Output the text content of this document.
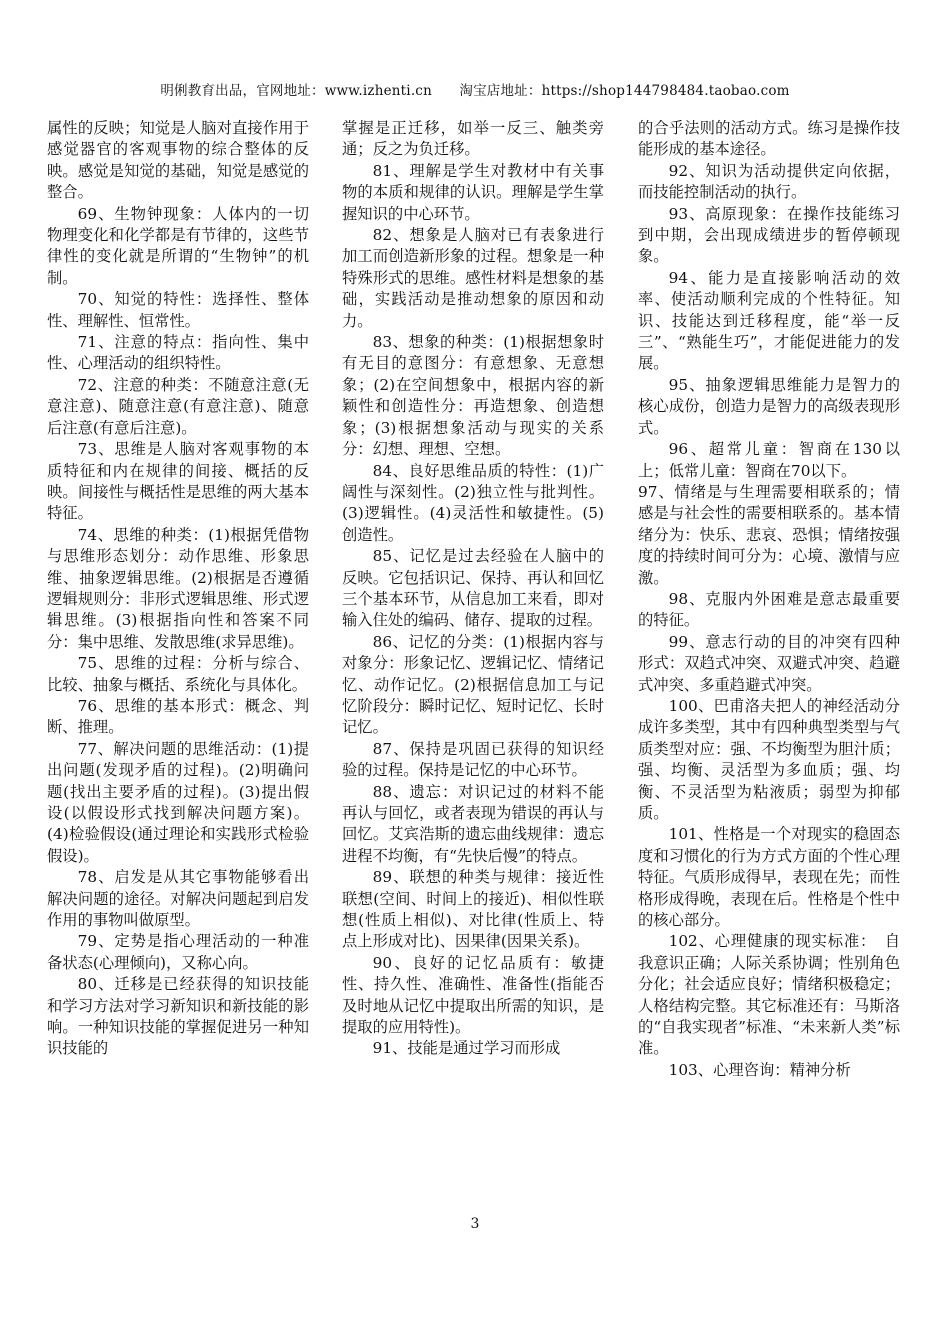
明俐教育出品，官网地址：www.izhenti.cn　　淘宝店地址：https://shop144798484.taobao.com

属性的反映；知觉是人脑对直接作用于感觉器官的客观事物的综合整体的反映。感觉是知觉的基础，知觉是感觉的整合。

69、生物钟现象：人体内的一切物理变化和化学都是有节律的，这些节律性的变化就是所谓的“生物钟”的机制。

70、知觉的特性：选择性、整体性、理解性、恒常性。

71、注意的特点：指向性、集中性、心理活动的组织特性。

72、注意的种类：不随意注意(无意注意)、随意注意(有意注意)、随意后注意(有意后注意)。

73、思维是人脑对客观事物的本质特征和内在规律的间接、概括的反映。间接性与概括性是思维的两大基本特征。

74、思维的种类：(1)根据凭借物与思维形态划分：动作思维、形象思维、抽象逻辑思维。(2)根据是否遵循逻辑规则分：非形式逻辑思维、形式逻辑思维。(3)根据指向性和答案不同分：集中思维、发散思维(求异思维)。

75、思维的过程：分析与综合、比较、抽象与概括、系统化与具体化。

76、思维的基本形式：概念、判断、推理。

77、解决问题的思维活动：(1)提出问题(发现矛盾的过程)。(2)明确问题(找出主要矛盾的过程)。(3)提出假设(以假设形式找到解决问题方案)。(4)检验假设(通过理论和实践形式检验假设)。

78、启发是从其它事物能够看出解决问题的途径。对解决问题起到启发作用的事物叫做原型。

79、定势是指心理活动的一种准备状态(心理倾向)，又称心向。

80、迁移是已经获得的知识技能和学习方法对学习新知识和新技能的影响。一种知识技能的掌握促进另一种知识技能的

掌握是正迁移，如举一反三、触类旁通；反之为负迁移。

81、理解是学生对教材中有关事物的本质和规律的认识。理解是学生掌握知识的中心环节。

82、想象是人脑对已有表象进行加工而创造新形象的过程。想象是一种特殊形式的思维。感性材料是想象的基础，实践活动是推动想象的原因和动力。

83、想象的种类：(1)根据想象时有无目的意图分：有意想象、无意想象；(2)在空间想象中，根据内容的新颖性和创造性分：再造想象、创造想象；(3)根据想象活动与现实的关系分：幻想、理想、空想。

84、良好思维品质的特性：(1)广阔性与深刻性。(2)独立性与批判性。(3)逻辑性。(4)灵活性和敏捷性。(5)创造性。

85、记忆是过去经验在人脑中的反映。它包括识记、保持、再认和回忆三个基本环节，从信息加工来看，即对输入住处的编码、储存、提取的过程。

86、记忆的分类：(1)根据内容与对象分：形象记忆、逻辑记忆、情绪记忆、动作记忆。(2)根据信息加工与记忆阶段分：瞬时记忆、短时记忆、长时记忆。

87、保持是巩固已获得的知识经验的过程。保持是记忆的中心环节。

88、遗忘：对识记过的材料不能再认与回忆，或者表现为错误的再认与回忆。艾宾浩斯的遗忘曲线规律：遗忘进程不均衡，有“先快后慢”的特点。

89、联想的种类与规律：接近性联想(空间、时间上的接近)、相似性联想(性质上相似)、对比律(性质上、特点上形成对比)、因果律(因果关系)。

90、良好的记忆品质有：敏捷性、持久性、准确性、准备性(指能否及时地从记忆中提取出所需的知识，是提取的应用特性)。

91、技能是通过学习而形成

的合乎法则的活动方式。练习是操作技能形成的基本途径。

92、知识为活动提供定向依据，而技能控制活动的执行。

93、高原现象：在操作技能练习到中期，会出现成绩进步的暂停顿现象。

94、能力是直接影响活动的效率、使活动顺利完成的个性特征。知识、技能达到迁移程度，能“举一反三”、“熟能生巧”，才能促进能力的发展。

95、抽象逻辑思维能力是智力的核心成份，创造力是智力的高级表现形式。

96、超常儿童：智商在130以上；低常儿童：智商在70以下。

97、情绪是与生理需要相联系的；情感是与社会性的需要相联系的。基本情绪分为：快乐、悲哀、恐惧；情绪按强度的持续时间可分为：心境、激情与应激。

98、克服内外困难是意志最重要的特征。

99、意志行动的目的冲突有四种形式：双趋式冲突、双避式冲突、趋避式冲突、多重趋避式冲突。

100、巴甫洛夫把人的神经活动分成许多类型，其中有四种典型类型与气质类型对应：强、不均衡型为胆汁质；强、均衡、灵活型为多血质；强、均衡、不灵活型为粘液质；弱型为抑郁质。

101、性格是一个对现实的稳固态度和习惯化的行为方式方面的个性心理特征。气质形成得早，表现在先；而性格形成得晚，表现在后。性格是个性中的核心部分。

102、心理健康的现实标准：　自我意识正确；人际关系协调；性别角色分化；社会适应良好；情绪积极稳定；人格结构完整。其它标准还有：马斯洛的“自我实现者”标准、“未来新人类”标准。

103、心理咨询：精神分析

3
